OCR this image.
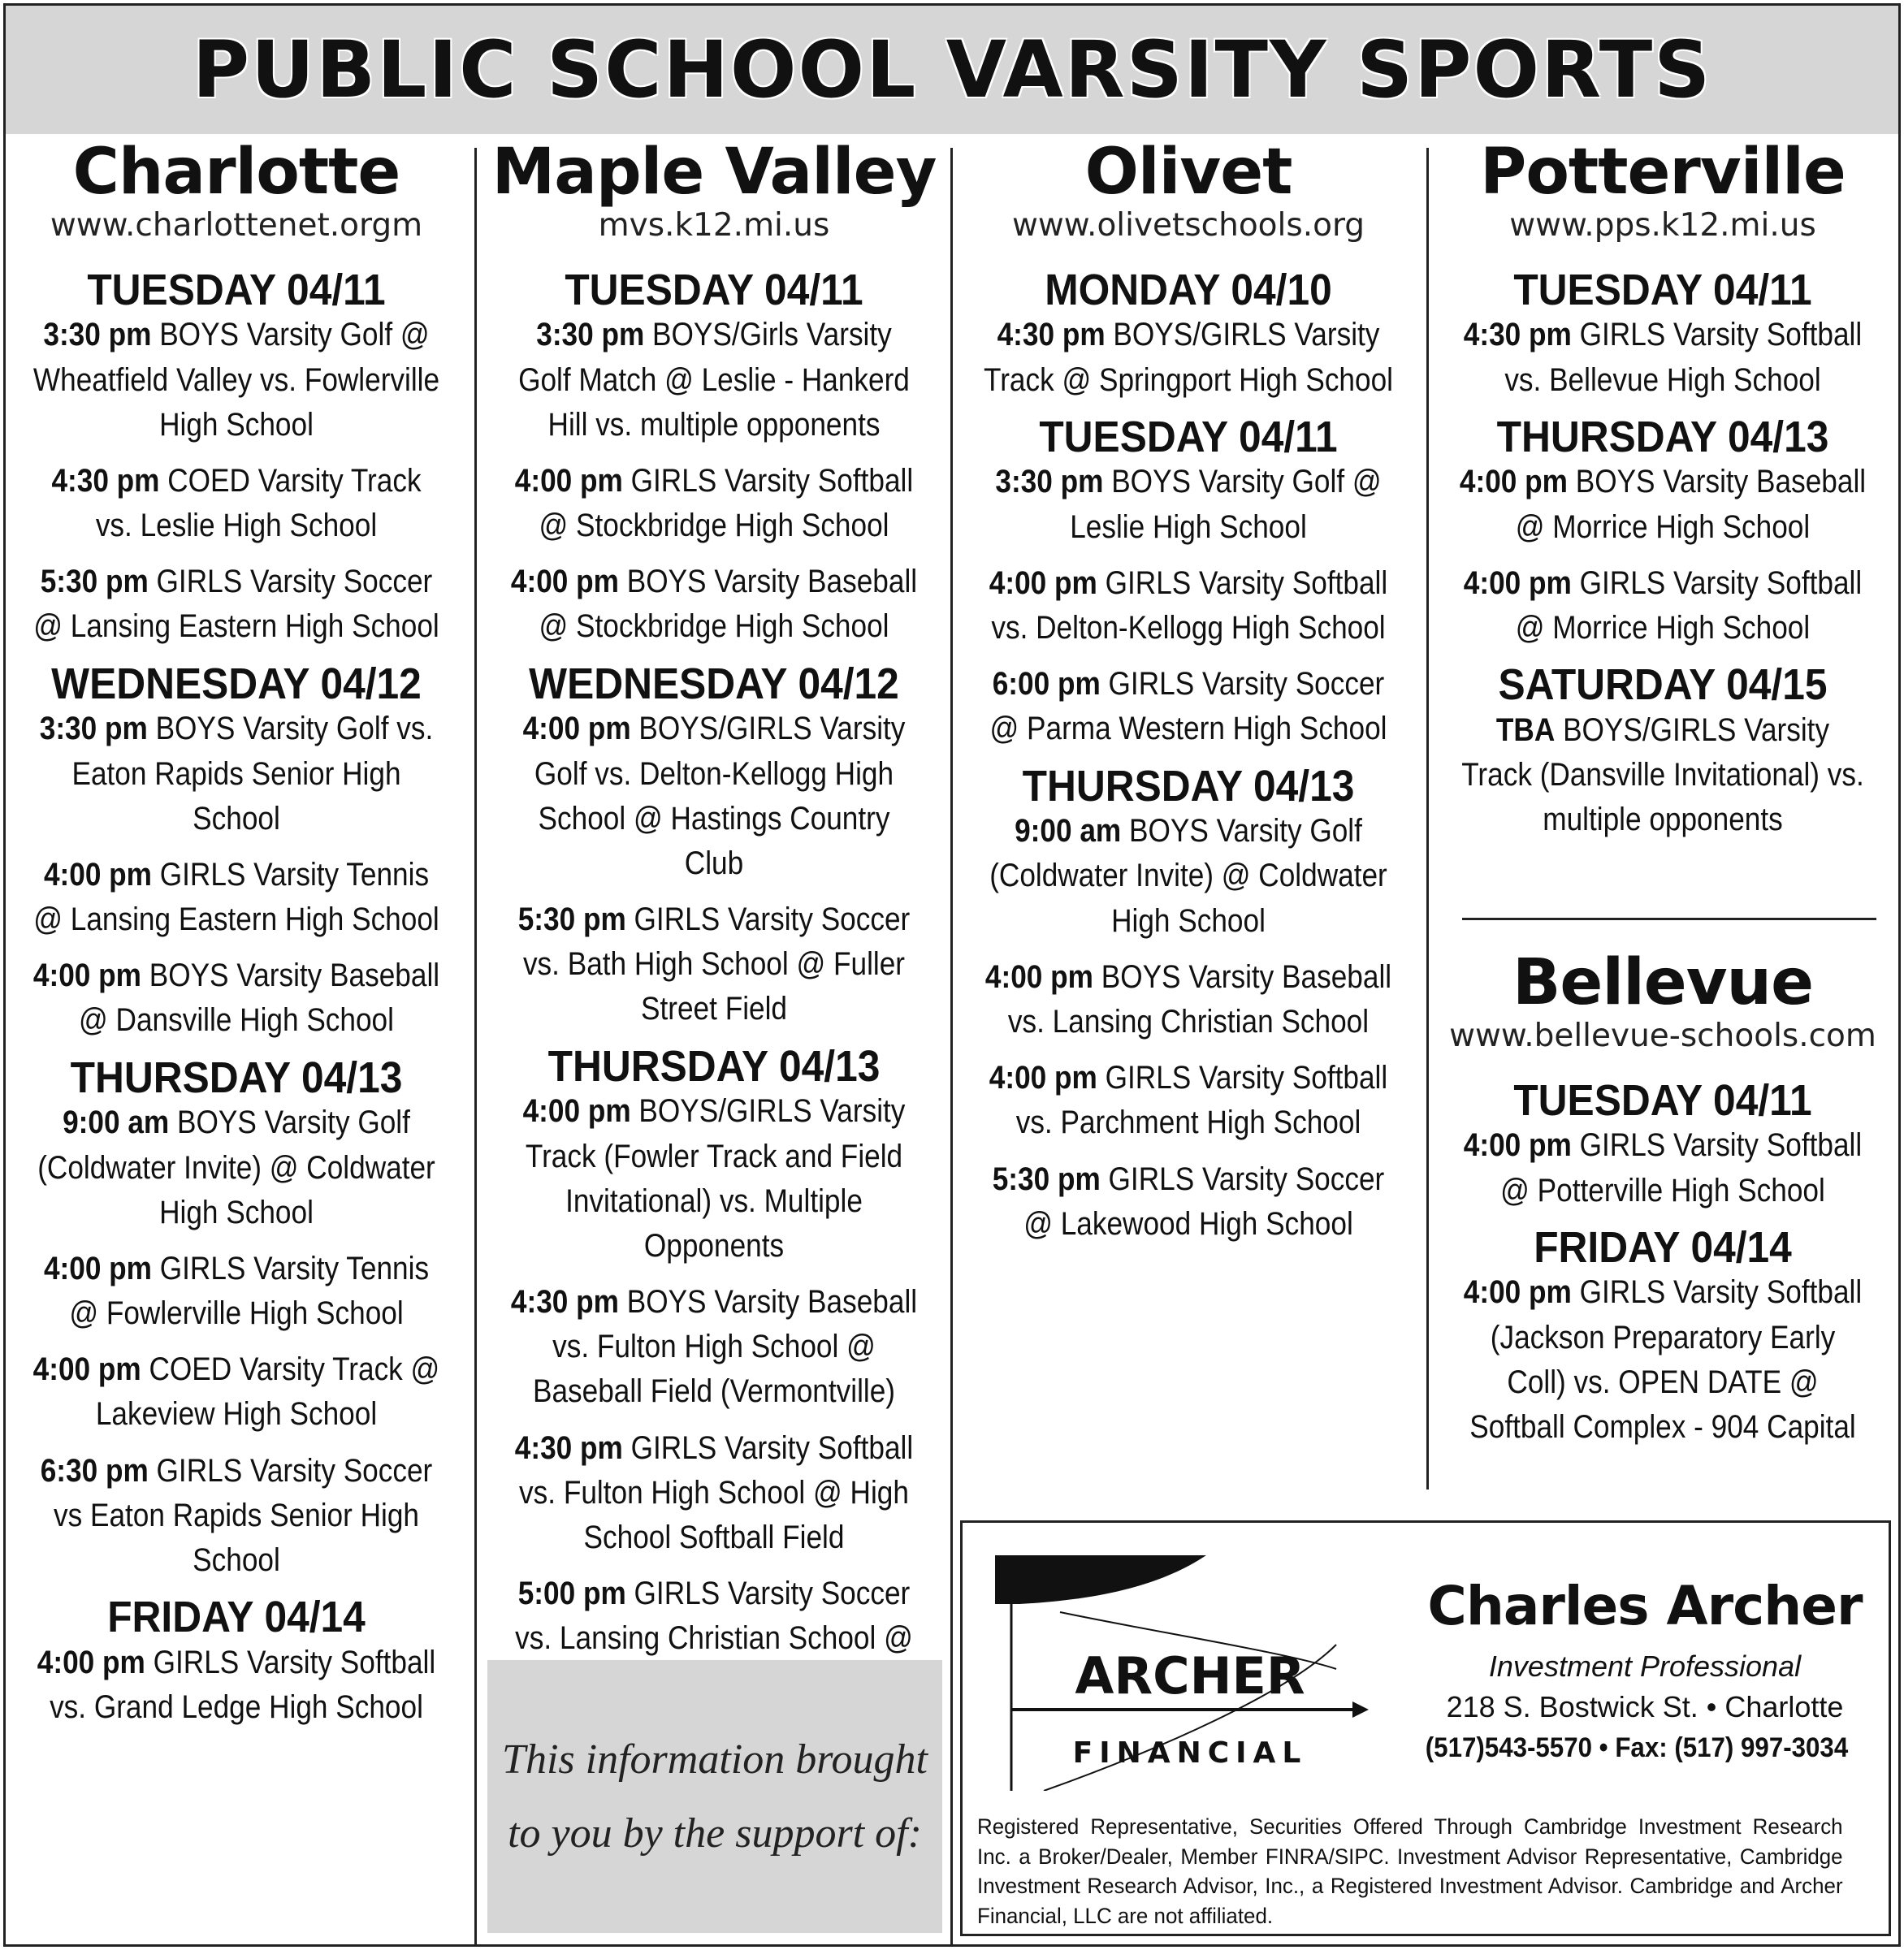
PUBLIC SCHOOL VARSITY SPORTS
Charlotte
www.charlottenet.orgm
TUESDAY 04/11
3:30 pm BOYS Varsity Golf @ Wheatfield Valley vs. Fowlerville High School
4:30 pm COED Varsity Track vs. Leslie High School
5:30 pm GIRLS Varsity Soccer @ Lansing Eastern High School
WEDNESDAY 04/12
3:30 pm BOYS Varsity Golf vs. Eaton Rapids Senior High School
4:00 pm GIRLS Varsity Tennis @ Lansing Eastern High School
4:00 pm BOYS Varsity Baseball @ Dansville High School
THURSDAY 04/13
9:00 am BOYS Varsity Golf (Coldwater Invite) @ Coldwater High School
4:00 pm GIRLS Varsity Tennis @ Fowlerville High School
4:00 pm COED Varsity Track @ Lakeview High School
6:30 pm GIRLS Varsity Soccer vs Eaton Rapids Senior High School
FRIDAY 04/14
4:00 pm GIRLS Varsity Softball vs. Grand Ledge High School
Maple Valley
mvs.k12.mi.us
TUESDAY 04/11
3:30 pm BOYS/Girls Varsity Golf Match @ Leslie - Hankerd Hill vs. multiple opponents
4:00 pm GIRLS Varsity Softball @ Stockbridge High School
4:00 pm BOYS Varsity Baseball @ Stockbridge High School
WEDNESDAY 04/12
4:00 pm BOYS/GIRLS Varsity Golf vs. Delton-Kellogg High School @ Hastings Country Club
5:30 pm GIRLS Varsity Soccer vs. Bath High School @ Fuller Street Field
THURSDAY 04/13
4:00 pm BOYS/GIRLS Varsity Track (Fowler Track and Field Invitational) vs. Multiple Opponents
4:30 pm BOYS Varsity Baseball vs. Fulton High School @ Baseball Field (Vermontville)
4:30 pm GIRLS Varsity Softball vs. Fulton High School @ High School Softball Field
5:00 pm GIRLS Varsity Soccer vs. Lansing Christian School @
Olivet
www.olivetschools.org
MONDAY 04/10
4:30 pm BOYS/GIRLS Varsity Track @ Springport High School
TUESDAY 04/11
3:30 pm BOYS Varsity Golf @ Leslie High School
4:00 pm GIRLS Varsity Softball vs. Delton-Kellogg High School
6:00 pm GIRLS Varsity Soccer @ Parma Western High School
THURSDAY 04/13
9:00 am BOYS Varsity Golf (Coldwater Invite) @ Coldwater High School
4:00 pm BOYS Varsity Baseball vs. Lansing Christian School
4:00 pm GIRLS Varsity Softball vs. Parchment High School
5:30 pm GIRLS Varsity Soccer @ Lakewood High School
Potterville
www.pps.k12.mi.us
TUESDAY 04/11
4:30 pm GIRLS Varsity Softball vs. Bellevue High School
THURSDAY 04/13
4:00 pm BOYS Varsity Baseball @ Morrice High School
4:00 pm GIRLS Varsity Softball @ Morrice High School
SATURDAY 04/15
TBA BOYS/GIRLS Varsity Track (Dansville Invitational) vs. multiple opponents
Bellevue
www.bellevue-schools.com
TUESDAY 04/11
4:00 pm GIRLS Varsity Softball @ Potterville High School
FRIDAY 04/14
4:00 pm GIRLS Varsity Softball (Jackson Preparatory Early Coll) vs. OPEN DATE @ Softball Complex - 904 Capital

This information brought to you by the support of:

ARCHER
FINANCIAL
Charles Archer
Investment Professional
218 S. Bostwick St. • Charlotte
(517)543-5570 • Fax: (517) 997-3034
Registered Representative, Securities Offered Through Cambridge Investment Research Inc. a Broker/Dealer, Member FINRA/SIPC. Investment Advisor Representative, Cambridge Investment Research Advisor, Inc., a Registered Investment Advisor. Cambridge and Archer Financial, LLC are not affiliated.
